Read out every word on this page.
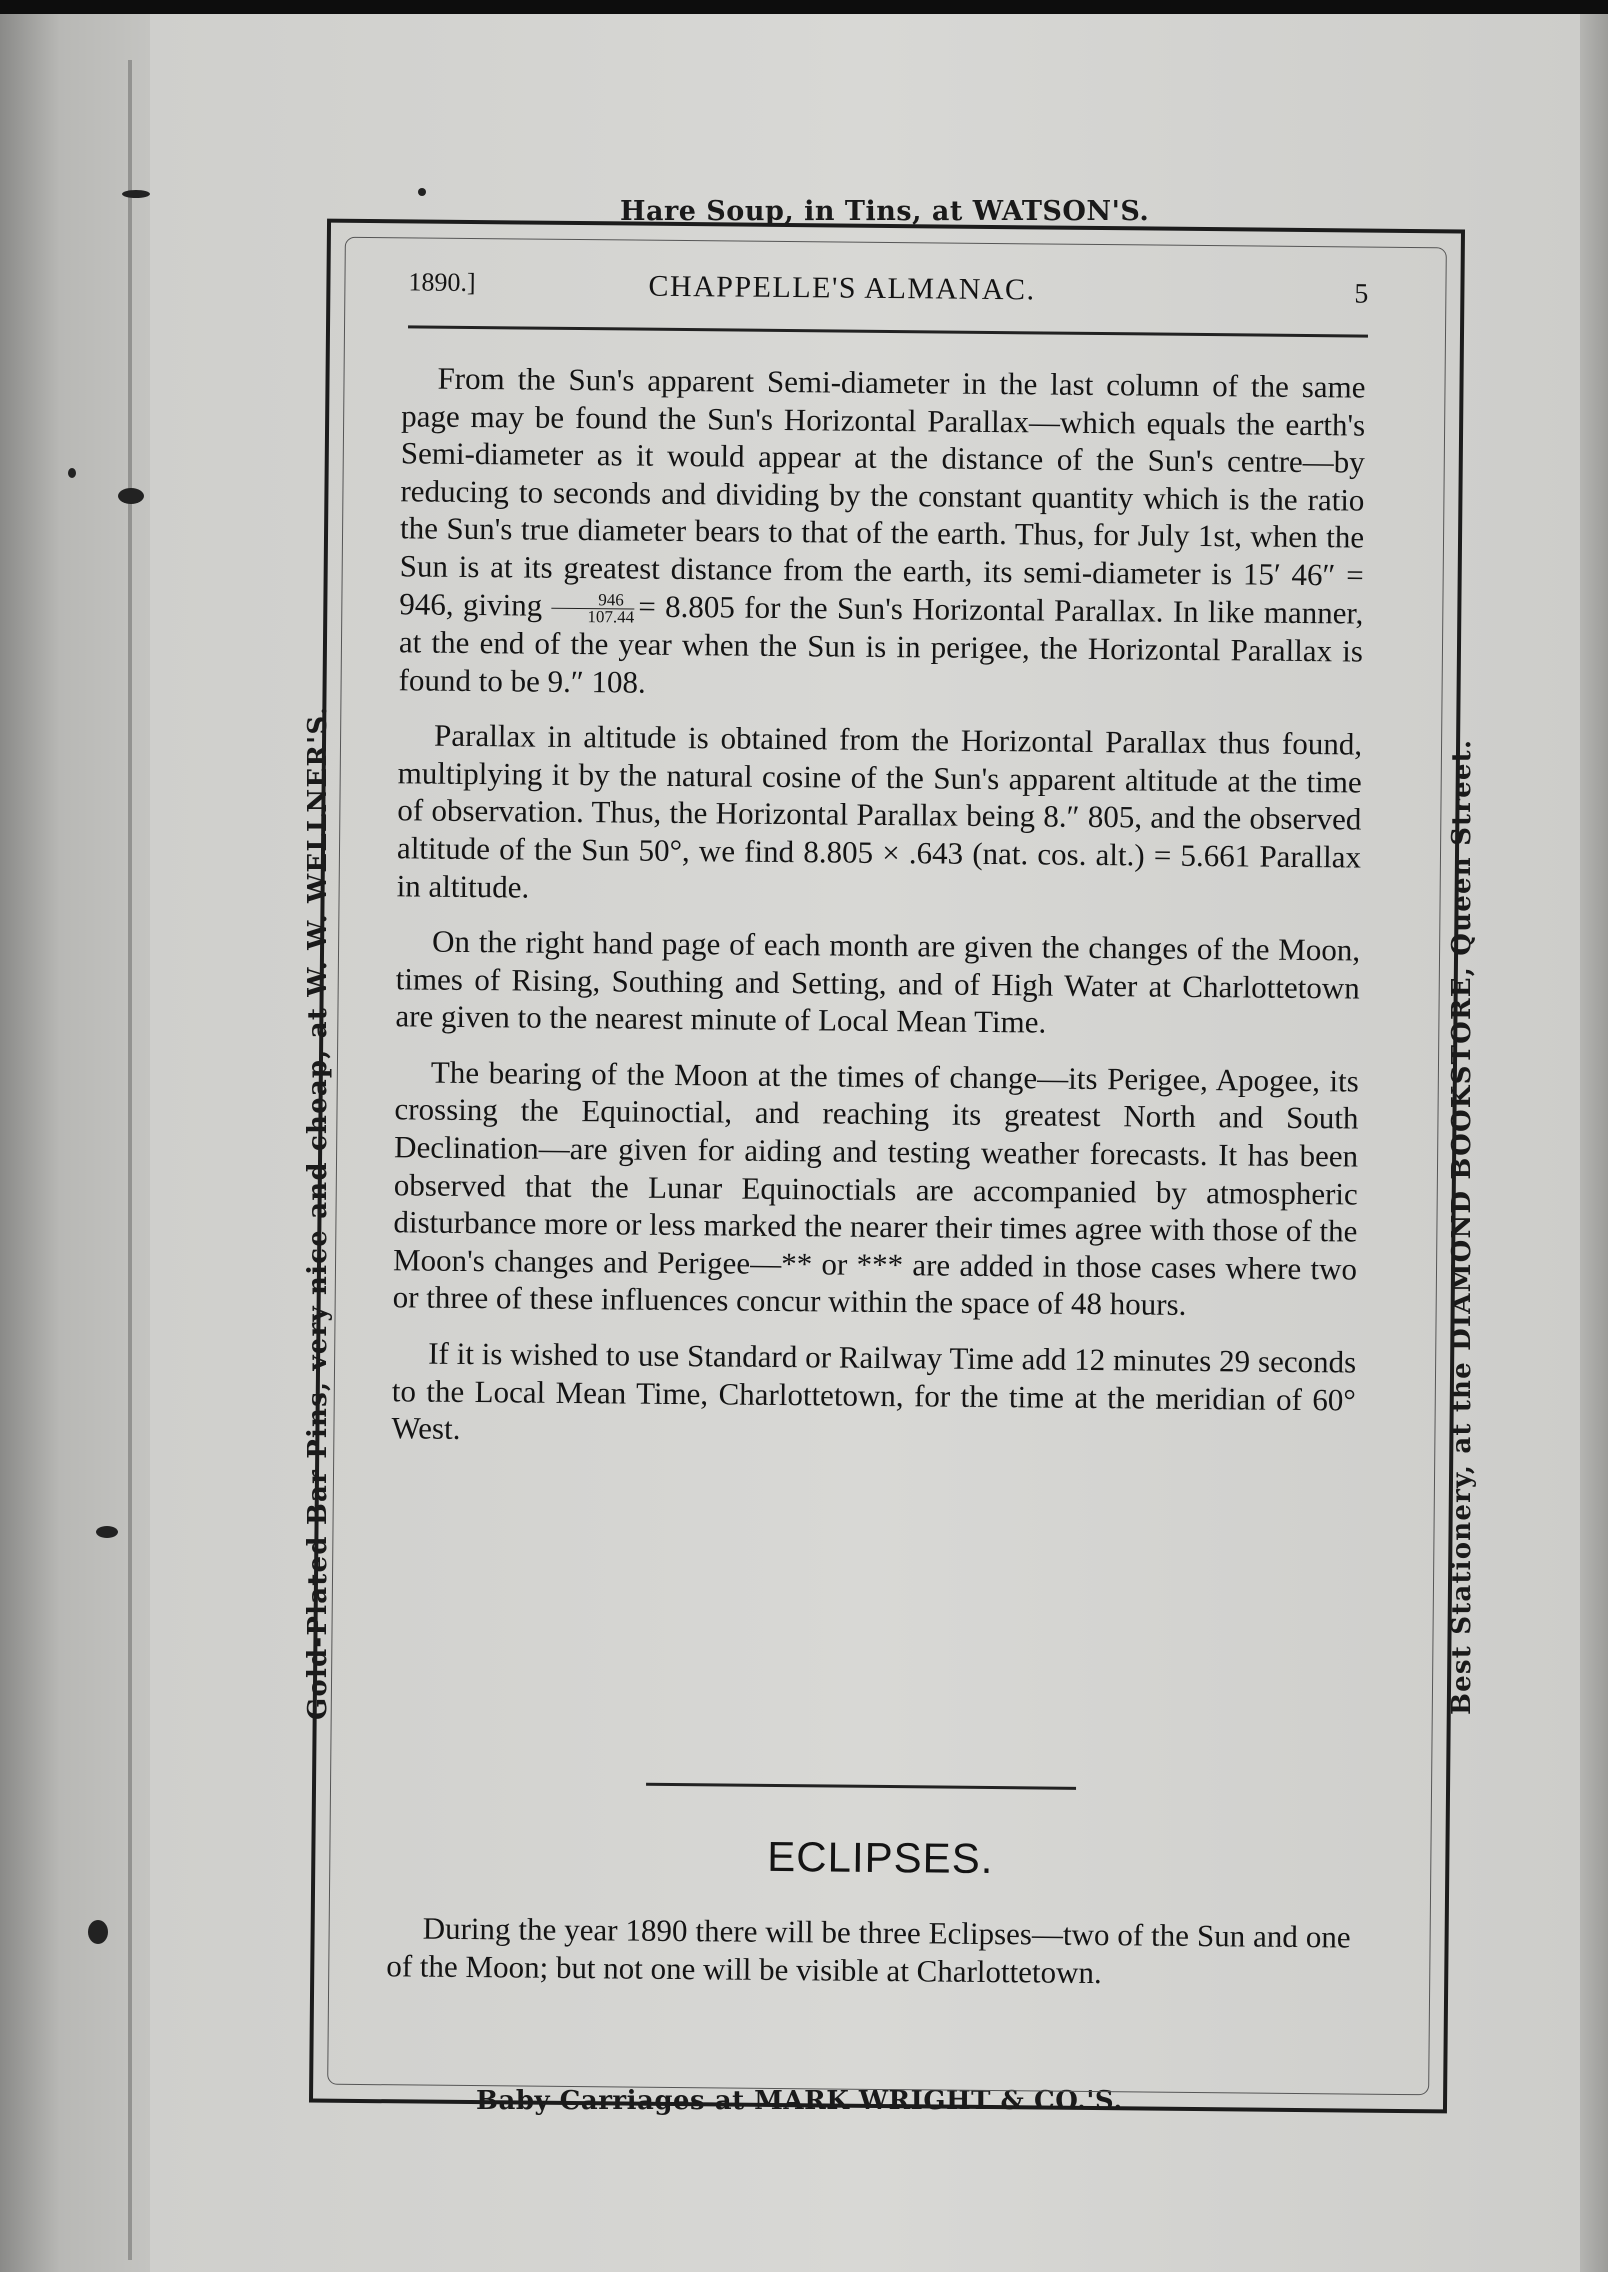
Hare Soup, in Tins, at WATSON'S.
Gold-Plated Bar Pins, very nice and cheap, at W. W. WELLNER'S.	Best Stationery, at the DIAMOND BOOKSTORE, Queen Street.
Baby Carriages at MARK WRIGHT & CO.'S.
1890.]	CHAPPELLE'S ALMANAC.	5

From the Sun's apparent Semi-diameter in the last column of the same page may be found the Sun's Horizontal Parallax—which equals the earth's Semi-diameter as it would appear at the distance of the Sun's centre—by reducing to seconds and dividing by the constant quantity which is the ratio the Sun's true diameter bears to that of the earth. Thus, for July 1st, when the Sun is at its greatest distance from the earth, its semi-diameter is 15′ 46″ = 946, giving $\frac{946}{107.44} = 8.805$ for the Sun's Horizontal Parallax. In like manner, at the end of the year when the Sun is in perigee, the Horizontal Parallax is found to be 9.″ 108.

Parallax in altitude is obtained from the Horizontal Parallax thus found, multiplying it by the natural cosine of the Sun's apparent altitude at the time of observation. Thus, the Horizontal Parallax being 8.″ 805, and the observed altitude of the Sun 50°, we find 8.805 × .643 (nat. cos. alt.) = 5.661 Parallax in altitude.

On the right hand page of each month are given the changes of the Moon, times of Rising, Southing and Setting, and of High Water at Charlottetown are given to the nearest minute of Local Mean Time.

The bearing of the Moon at the times of change—its Perigee, Apogee, its crossing the Equinoctial, and reaching its greatest North and South Declination—are given for aiding and testing weather forecasts. It has been observed that the Lunar Equinoctials are accompanied by atmospheric disturbance more or less marked the nearer their times agree with those of the Moon's changes and Perigee—** or *** are added in those cases where two or three of these influences concur within the space of 48 hours.

If it is wished to use Standard or Railway Time add 12 minutes 29 seconds to the Local Mean Time, Charlottetown, for the time at the meridian of 60° West.

ECLIPSES.

During the year 1890 there will be three Eclipses—two of the Sun and one of the Moon; but not one will be visible at Charlottetown.
